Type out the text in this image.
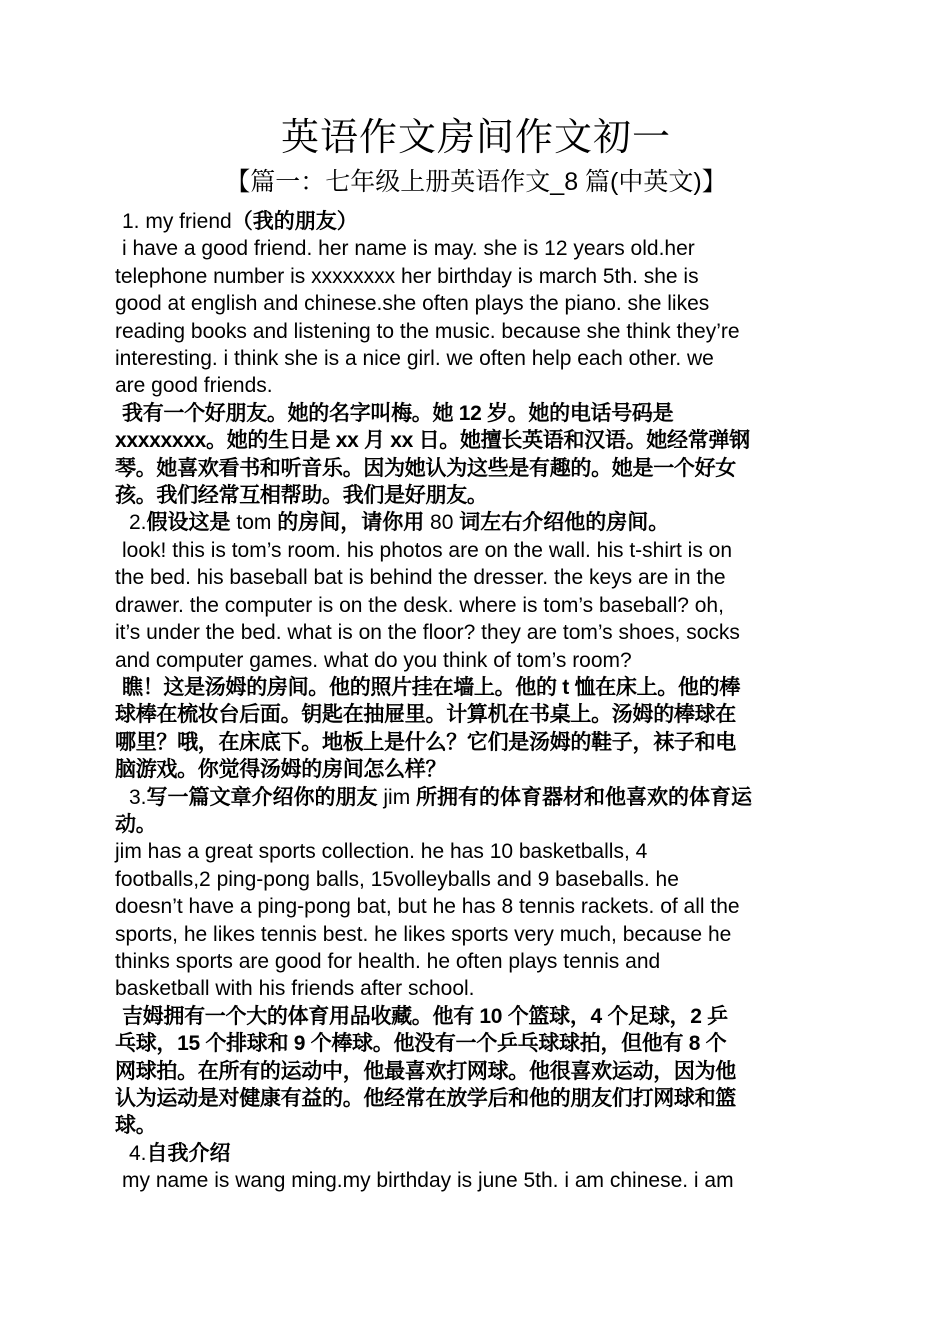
英语作文房间作文初一
【篇一：七年级上册英语作文_8 篇(中英文)】

1. my friend（我的朋友）

i have a good friend. her name is may. she is 12 years old.her

telephone number is xxxxxxxx her birthday is march 5th. she is

good at english and chinese.she often plays the piano. she likes

reading books and listening to the music. because she think they’re

interesting. i think she is a nice girl. we often help each other. we

are good friends.

我有一个好朋友。她的名字叫梅。她 12 岁。她的电话号码是

xxxxxxxx。她的生日是 xx 月 xx 日。她擅长英语和汉语。她经常弹钢

琴。她喜欢看书和听音乐。因为她认为这些是有趣的。她是一个好女

孩。我们经常互相帮助。我们是好朋友。

2.假设这是 tom 的房间，请你用 80 词左右介绍他的房间。

look! this is tom’s room. his photos are on the wall. his t-shirt is on

the bed. his baseball bat is behind the dresser. the keys are in the

drawer. the computer is on the desk. where is tom’s baseball? oh,

it’s under the bed. what is on the floor? they are tom’s shoes, socks

and computer games. what do you think of tom’s room?

瞧！这是汤姆的房间。他的照片挂在墙上。他的 t 恤在床上。他的棒

球棒在梳妆台后面。钥匙在抽屉里。计算机在书桌上。汤姆的棒球在

哪里？哦，在床底下。地板上是什么？它们是汤姆的鞋子，袜子和电

脑游戏。你觉得汤姆的房间怎么样？

3.写一篇文章介绍你的朋友 jim 所拥有的体育器材和他喜欢的体育运

动。

jim has a great sports collection. he has 10 basketballs, 4

footballs,2 ping-pong balls, 15volleyballs and 9 baseballs. he

doesn’t have a ping-pong bat, but he has 8 tennis rackets. of all the

sports, he likes tennis best. he likes sports very much, because he

thinks sports are good for health. he often plays tennis and

basketball with his friends after school.

吉姆拥有一个大的体育用品收藏。他有 10 个篮球，4 个足球，2 乒

乓球，15 个排球和 9 个棒球。他没有一个乒乓球球拍，但他有 8 个

网球拍。在所有的运动中，他最喜欢打网球。他很喜欢运动，因为他

认为运动是对健康有益的。他经常在放学后和他的朋友们打网球和篮

球。

4.自我介绍

my name is wang ming.my birthday is june 5th. i am chinese. i am
